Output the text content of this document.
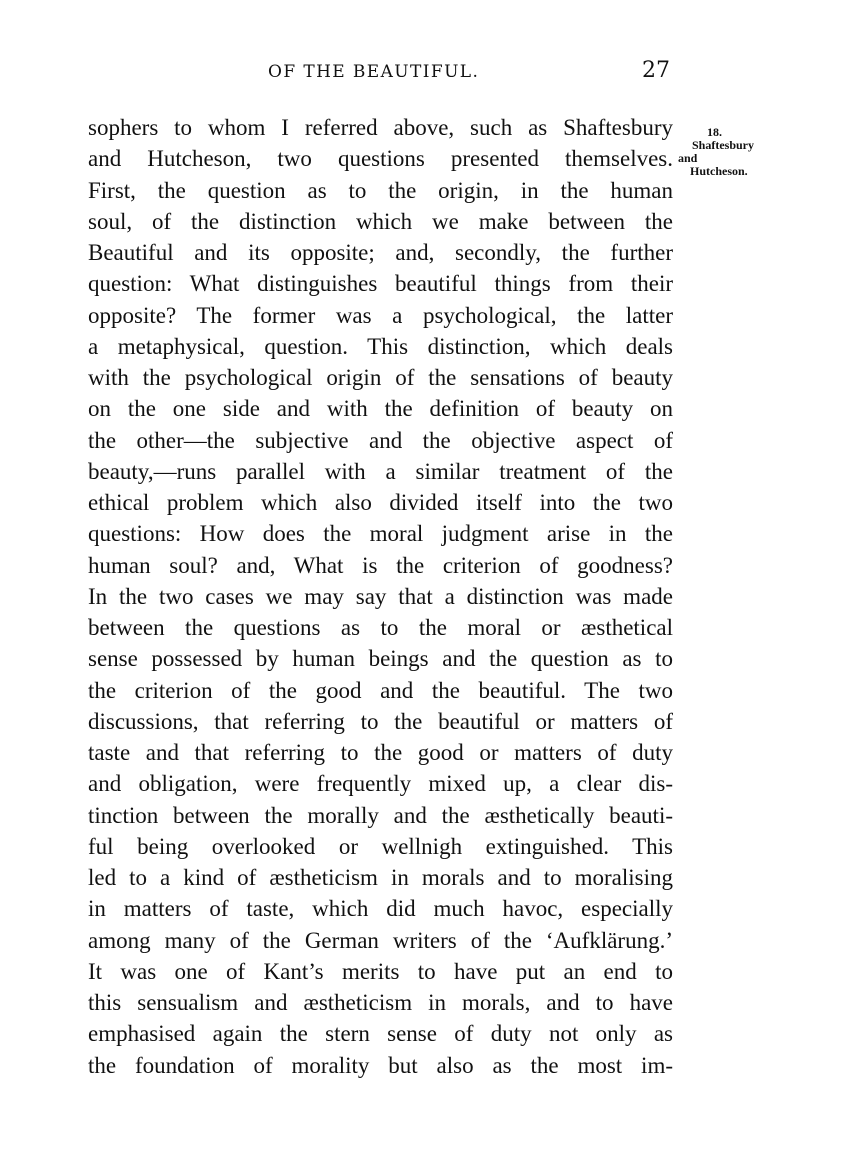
OF THE BEAUTIFUL.	27
18.
Shaftesbury
and
Hutcheson.
sophers to whom I referred above, such as Shaftesbury
and Hutcheson, two questions presented themselves.
First, the question as to the origin, in the human
soul, of the distinction which we make between the
Beautiful and its opposite; and, secondly, the further
question: What distinguishes beautiful things from their
opposite? The former was a psychological, the latter
a metaphysical, question. This distinction, which deals
with the psychological origin of the sensations of beauty
on the one side and with the definition of beauty on
the other—the subjective and the objective aspect of
beauty,—runs parallel with a similar treatment of the
ethical problem which also divided itself into the two
questions: How does the moral judgment arise in the
human soul? and, What is the criterion of goodness?
In the two cases we may say that a distinction was made
between the questions as to the moral or æsthetical
sense possessed by human beings and the question as to
the criterion of the good and the beautiful. The two
discussions, that referring to the beautiful or matters of
taste and that referring to the good or matters of duty
and obligation, were frequently mixed up, a clear dis-
tinction between the morally and the æsthetically beauti-
ful being overlooked or wellnigh extinguished. This
led to a kind of æstheticism in morals and to moralising
in matters of taste, which did much havoc, especially
among many of the German writers of the ‘Aufklärung.’
It was one of Kant’s merits to have put an end to
this sensualism and æstheticism in morals, and to have
emphasised again the stern sense of duty not only as
the foundation of morality but also as the most im-
